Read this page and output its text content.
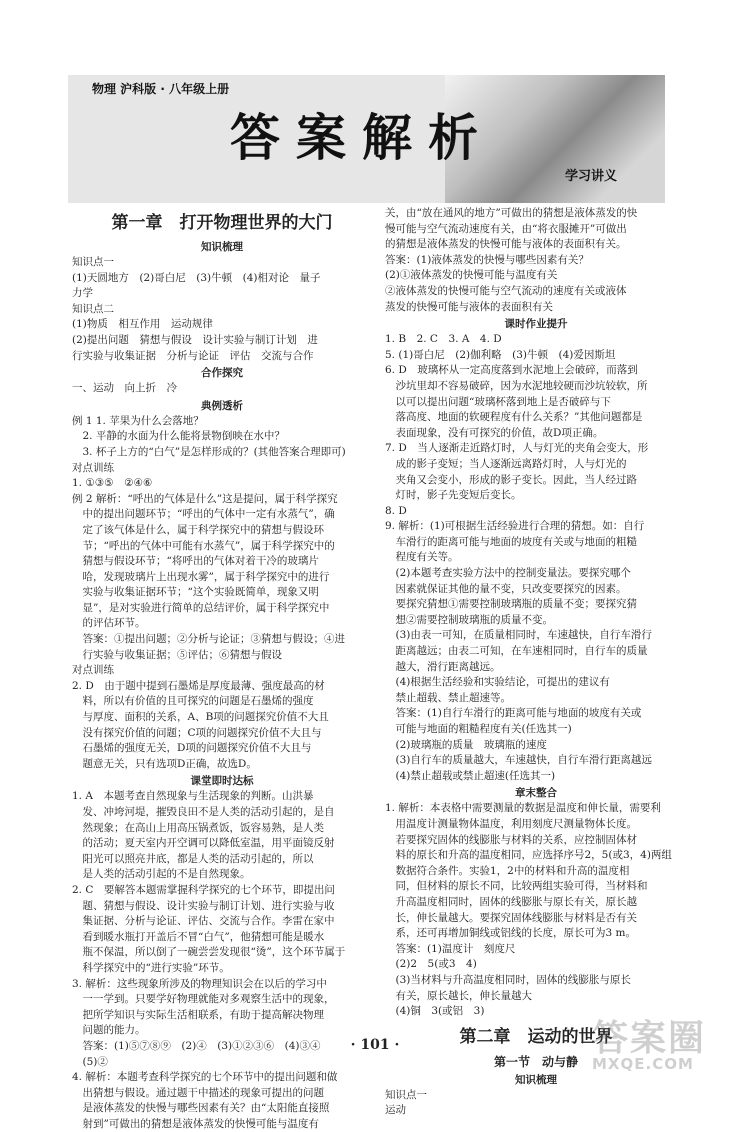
物理 沪科版 · 八年级上册
答案解析
学习讲义
第一章　打开物理世界的大门
知识梳理
知识点一
(1)天圆地方　(2)哥白尼　(3)牛顿　(4)相对论　量子
力学
知识点二
(1)物质　相互作用　运动规律
(2)提出问题　猜想与假设　设计实验与制订计划　进
行实验与收集证据　分析与论证　评估　交流与合作
合作探究
一、运动　向上折　冷
典例透析
例 1 1. 苹果为什么会落地？
　2. 平静的水面为什么能将景物倒映在水中？
　3. 杯子上方的“白气”是怎样形成的？(其他答案合理即可)
对点训练
1. ①③⑤　②④⑥
例 2 解析：“呼出的气体是什么”这是提问，属于科学探究
　中的提出问题环节；“呼出的气体中一定有水蒸气”，确
　定了该气体是什么，属于科学探究中的猜想与假设环
　节；“呼出的气体中可能有水蒸气”，属于科学探究中的
　猜想与假设环节；“将呼出的气体对着干冷的玻璃片
　哈，发现玻璃片上出现水雾”，属于科学探究中的进行
　实验与收集证据环节；“这个实验既简单，现象又明
　显”，是对实验进行简单的总结评价，属于科学探究中
　的评估环节。
　答案：①提出问题；②分析与论证；③猜想与假设；④进
　行实验与收集证据；⑤评估；⑥猜想与假设
对点训练
2. D　由于题中提到石墨烯是厚度最薄、强度最高的材
　料，所以有价值的且可探究的问题是石墨烯的强度
　与厚度、面积的关系，A、B项的问题探究价值不大且
　没有探究价值的问题；C项的问题探究价值不大且与
　石墨烯的强度无关，D项的问题探究价值不大且与
　题意无关，只有选项D正确，故选D。
课堂即时达标
1. A　本题考查自然现象与生活现象的判断。山洪暴
　发、冲垮河堤，摧毁良田不是人类的活动引起的，是自
　然现象；在高山上用高压锅煮饭，饭容易熟，是人类
　的活动；夏天室内开空调可以降低室温，用平面镜反射
　阳光可以照亮井底，都是人类的活动引起的，所以
　是人类的活动引起的不是自然现象。
2. C　要解答本题需掌握科学探究的七个环节，即提出问
　题、猜想与假设、设计实验与制订计划、进行实验与收
　集证据、分析与论证、评估、交流与合作。李雷在家中
　看到暖水瓶打开盖后不冒“白气”，他猜想可能是暖水
　瓶不保温，所以倒了一碗尝尝发现很“烫”，这个环节属于
　科学探究中的“进行实验”环节。
3. 解析：这些现象所涉及的物理知识会在以后的学习中
　一一学到。只要学好物理就能对多观察生活中的现象，
　把所学知识与实际生活相联系，有助于提高解决物理
　问题的能力。
　答案：(1)⑤⑦⑧⑨　(2)④　(3)①②③⑥　(4)③④
　(5)②
4. 解析：本题考查科学探究的七个环节中的提出问题和做
　出猜想与假设。通过题干中描述的现象可提出的问题
　是液体蒸发的快慢与哪些因素有关？由“太阳能直接照
　射到”可做出的猜想是液体蒸发的快慢可能与温度有
关，由“放在通风的地方”可做出的猜想是液体蒸发的快
慢可能与空气流动速度有关，由“将衣服摊开”可做出
的猜想是液体蒸发的快慢可能与液体的表面积有关。
答案：(1)液体蒸发的快慢与哪些因素有关？
(2)①液体蒸发的快慢可能与温度有关
②液体蒸发的快慢可能与空气流动的速度有关或液体
蒸发的快慢可能与液体的表面积有关
课时作业提升
1. B　2. C　3. A　4. D
5. (1)哥白尼　(2)伽利略　(3)牛顿　(4)爱因斯坦
6. D　玻璃杯从一定高度落到水泥地上会破碎，而落到
　沙坑里却不容易破碎，因为水泥地较硬而沙坑较软，所
　以可以提出问题“玻璃杯落到地上是否破碎与下
　落高度、地面的软硬程度有什么关系？”其他问题都是
　表面现象，没有可探究的价值，故D项正确。
7. D　当人逐渐走近路灯时，人与灯光的夹角会变大，形
　成的影子变短；当人逐渐远离路灯时，人与灯光的
　夹角又会变小，形成的影子变长。因此，当人经过路
　灯时，影子先变短后变长。
8. D
9. 解析：(1)可根据生活经验进行合理的猜想。如：自行
　车滑行的距离可能与地面的坡度有关或与地面的粗糙
　程度有关等。
　(2)本题考查实验方法中的控制变量法。要探究哪个
　因素就保证其他的量不变，只改变要探究的因素。
　要探究猜想①需要控制玻璃瓶的质量不变；要探究猜
　想②需要控制玻璃瓶的质量不变。
　(3)由表一可知，在质量相同时，车速越快，自行车滑行
　距离越远；由表二可知，在车速相同时，自行车的质量
　越大，滑行距离越远。
　(4)根据生活经验和实验结论，可提出的建议有
　禁止超载、禁止超速等。
　答案：(1)自行车滑行的距离可能与地面的坡度有关或
　可能与地面的粗糙程度有关(任选其一)
　(2)玻璃瓶的质量　玻璃瓶的速度
　(3)自行车的质量越大，车速越快，自行车滑行距离越远
　(4)禁止超载或禁止超速(任选其一)
章末整合
1. 解析：本表格中需要测量的数据是温度和伸长量，需要利
　用温度计测量物体温度，利用刻度尺测量物体长度。
　若要探究固体的线膨胀与材料的关系，应控制固体材
　料的原长和升高的温度相同，应选择序号2，5(或3，4)两组
　数据符合条件。实验1，2中的材料和升高的温度相
　同，但材料的原长不同，比较两组实验可得，当材料和
　升高温度相同时，固体的线膨胀与原长有关，原长越
　长，伸长量越大。要探究固体线膨胀与材料是否有关
　系，还可再增加铜线或铝线的长度，原长可为3 m。
　答案：(1)温度计　刻度尺
　(2)2　5(或3　4)
　(3)当材料与升高温度相同时，固体的线膨胀与原长
　有关，原长越长，伸长量越大
　(4)铜　3(或铝　3)
第二章　运动的世界
第一节　动与静
知识梳理
知识点一
运动
· 101 ·	答案圈
MXQE.COM
